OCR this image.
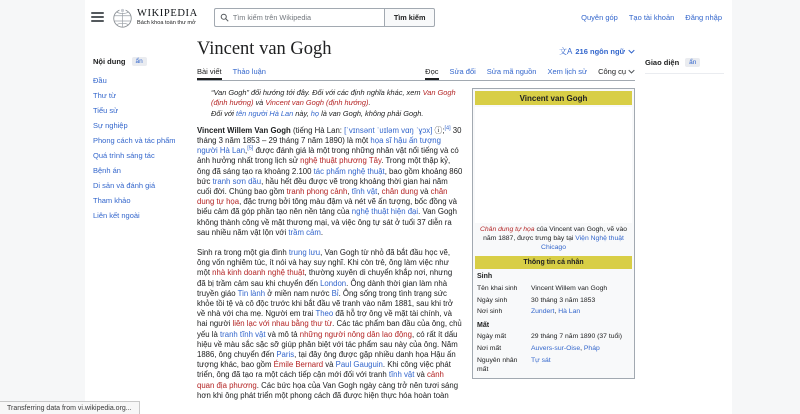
WIKIPEDIA
Bách khoa toàn thư mở
Tìm kiếm trên Wikipedia	Tìm kiếm	Quyên góp Tạo tài khoản Đăng nhập
Nội dung	ẩn
Đầu
Thư từ
Tiểu sử
Sự nghiệp
Phong cách và tác phẩm
Quá trình sáng tác
Bệnh án
Di sản và đánh giá
Tham khảo
Liên kết ngoài
Vincent van Gogh	文A 216 ngôn ngữ
Bài viết Thảo luận	Đọc Sửa đổi Sửa mã nguồn Xem lịch sử Công cụ
Vincent van Gogh
Chân dung tự họa của Vincent van Gogh, vẽ vào năm 1887, được trưng bày tại Viện Nghệ thuật Chicago
Thông tin cá nhân
Sinh	
Tên khai sinh	Vincent Willem van Gogh
Ngày sinh	30 tháng 3 năm 1853
Nơi sinh	Zundert, Hà Lan
Mất	
Ngày mất	29 tháng 7 năm 1890 (37 tuổi)
Nơi mất	Auvers-sur-Oise, Pháp
Nguyên nhân mất	Tự sát
“Van Gogh” đổi hướng tới đây. Đối với các định nghĩa khác, xem Van Gogh (định hướng) và Vincent van Gogh (định hướng).
Đối với tên người Hà Lan này, họ là van Gogh, không phải Gogh.
Vincent Willem Van Gogh (tiếng Hà Lan: [ˈvɪnsənt ˈʋɪləm vɑŋ ˈɣɔx] ⓘ;[4] 30 tháng 3 năm 1853 – 29 tháng 7 năm 1890) là một họa sĩ hậu ấn tượng người Hà Lan,[5] được đánh giá là một trong những nhân vật nổi tiếng và có ảnh hưởng nhất trong lịch sử nghệ thuật phương Tây. Trong một thập kỷ, ông đã sáng tạo ra khoảng 2.100 tác phẩm nghệ thuật, bao gồm khoảng 860 bức tranh sơn dầu, hầu hết đều được vẽ trong khoảng thời gian hai năm cuối đời. Chúng bao gồm tranh phong cảnh, tĩnh vật, chân dung và chân dung tự họa, đặc trưng bởi tông màu đậm và nét vẽ ấn tượng, bốc đồng và biểu cảm đã góp phần tạo nên nền tảng của nghệ thuật hiện đại. Van Gogh không thành công về mặt thương mại, và việc ông tự sát ở tuổi 37 diễn ra sau nhiều năm vật lộn với trầm cảm.
Sinh ra trong một gia đình trung lưu, Van Gogh từ nhỏ đã bắt đầu học vẽ, ông vốn nghiêm túc, ít nói và hay suy nghĩ. Khi còn trẻ, ông làm việc như một nhà kinh doanh nghệ thuật, thường xuyên di chuyển khắp nơi, nhưng đã bị trầm cảm sau khi chuyển đến London. Ông dành thời gian làm nhà truyền giáo Tin lành ở miền nam nước Bỉ. Ông sống trong tình trạng sức khỏe tồi tệ và cô độc trước khi bắt đầu vẽ tranh vào năm 1881, sau khi trở về nhà với cha mẹ. Người em trai Theo đã hỗ trợ ông về mặt tài chính, và hai người liên lạc với nhau bằng thư từ. Các tác phẩm ban đầu của ông, chủ yếu là tranh tĩnh vật và mô tả những người nông dân lao động, có rất ít dấu hiệu về màu sắc sặc sỡ giúp phân biệt với tác phẩm sau này của ông. Năm 1886, ông chuyển đến Paris, tại đây ông được gặp nhiều danh họa Hậu ấn tượng khác, bao gồm Émile Bernard và Paul Gauguin. Khi công việc phát triển, ông đã tạo ra một cách tiếp cận mới đối với tranh tĩnh vật và cảnh quan địa phương. Các bức họa của Van Gogh ngày càng trở nên tươi sáng hơn khi ông phát triển một phong cách đã được hiện thực hóa hoàn toàn
Giao diện	ẩn
Transferring data from vi.wikipedia.org...
